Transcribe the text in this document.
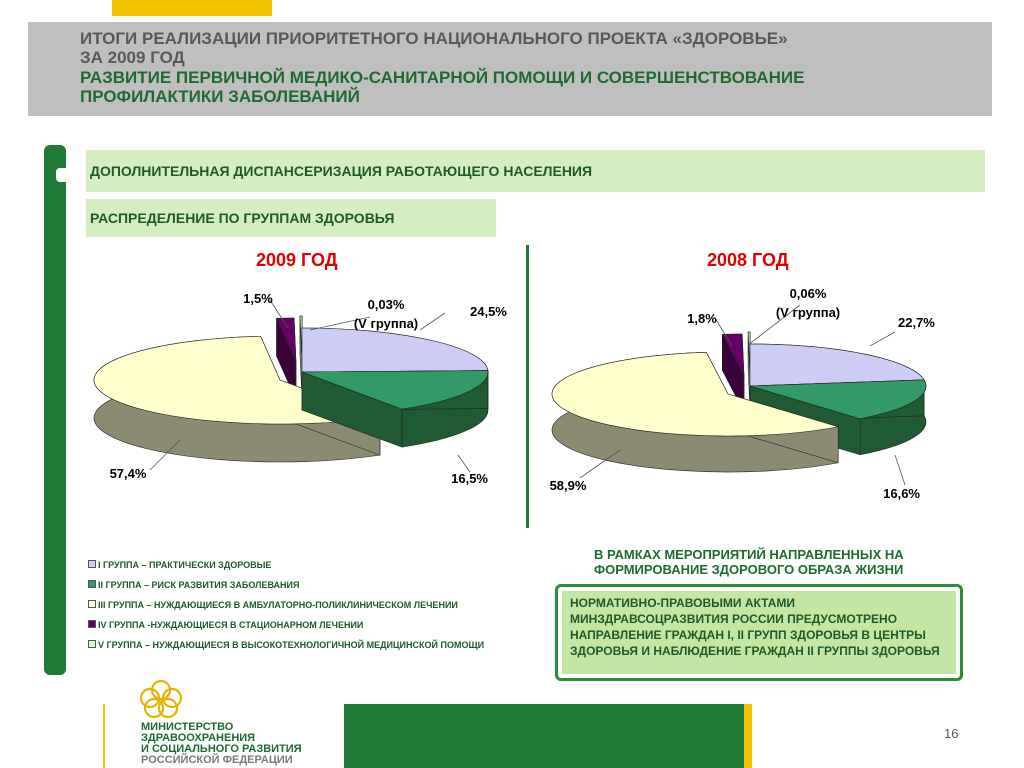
ИТОГИ РЕАЛИЗАЦИИ ПРИОРИТЕТНОГО НАЦИОНАЛЬНОГО ПРОЕКТА «ЗДОРОВЬЕ»
ЗА 2009 ГОД
РАЗВИТИЕ ПЕРВИЧНОЙ МЕДИКО-САНИТАРНОЙ ПОМОЩИ И СОВЕРШЕНСТВОВАНИЕ
ПРОФИЛАКТИКИ ЗАБОЛЕВАНИЙ
ДОПОЛНИТЕЛЬНАЯ ДИСПАНСЕРИЗАЦИЯ РАБОТАЮЩЕГО НАСЕЛЕНИЯ
РАСПРЕДЕЛЕНИЕ ПО ГРУППАМ ЗДОРОВЬЯ
2009 ГОД	2008 ГОД
24,5%
16,5%
57,4%
1,5%	0,03%
(V группа)	22,7%
16,6%
58,9%
1,8%
0,06%
(V группа)
I ГРУППА – ПРАКТИЧЕСКИ ЗДОРОВЫЕ
II ГРУППА – РИСК РАЗВИТИЯ ЗАБОЛЕВАНИЯ
III ГРУППА – НУЖДАЮЩИЕСЯ В АМБУЛАТОРНО-ПОЛИКЛИНИЧЕСКОМ ЛЕЧЕНИИ
IV ГРУППА -НУЖДАЮЩИЕСЯ В СТАЦИОНАРНОМ ЛЕЧЕНИИ
V ГРУППА – НУЖДАЮЩИЕСЯ В ВЫСОКОТЕХНОЛОГИЧНОЙ МЕДИЦИНСКОЙ ПОМОЩИ
В РАМКАХ МЕРОПРИЯТИЙ НАПРАВЛЕННЫХ НА ФОРМИРОВАНИЕ ЗДОРОВОГО ОБРАЗА ЖИЗНИ
НОРМАТИВНО-ПРАВОВЫМИ АКТАМИ МИНЗДРАВСОЦРАЗВИТИЯ РОССИИ ПРЕДУСМОТРЕНО НАПРАВЛЕНИЕ ГРАЖДАН I, II ГРУПП ЗДОРОВЬЯ В ЦЕНТРЫ ЗДОРОВЬЯ И НАБЛЮДЕНИЕ ГРАЖДАН II ГРУППЫ ЗДОРОВЬЯ
МИНИСТЕРСТВО
ЗДРАВООХРАНЕНИЯ
И СОЦИАЛЬНОГО РАЗВИТИЯ
РОССИЙСКОЙ ФЕДЕРАЦИИ
16
